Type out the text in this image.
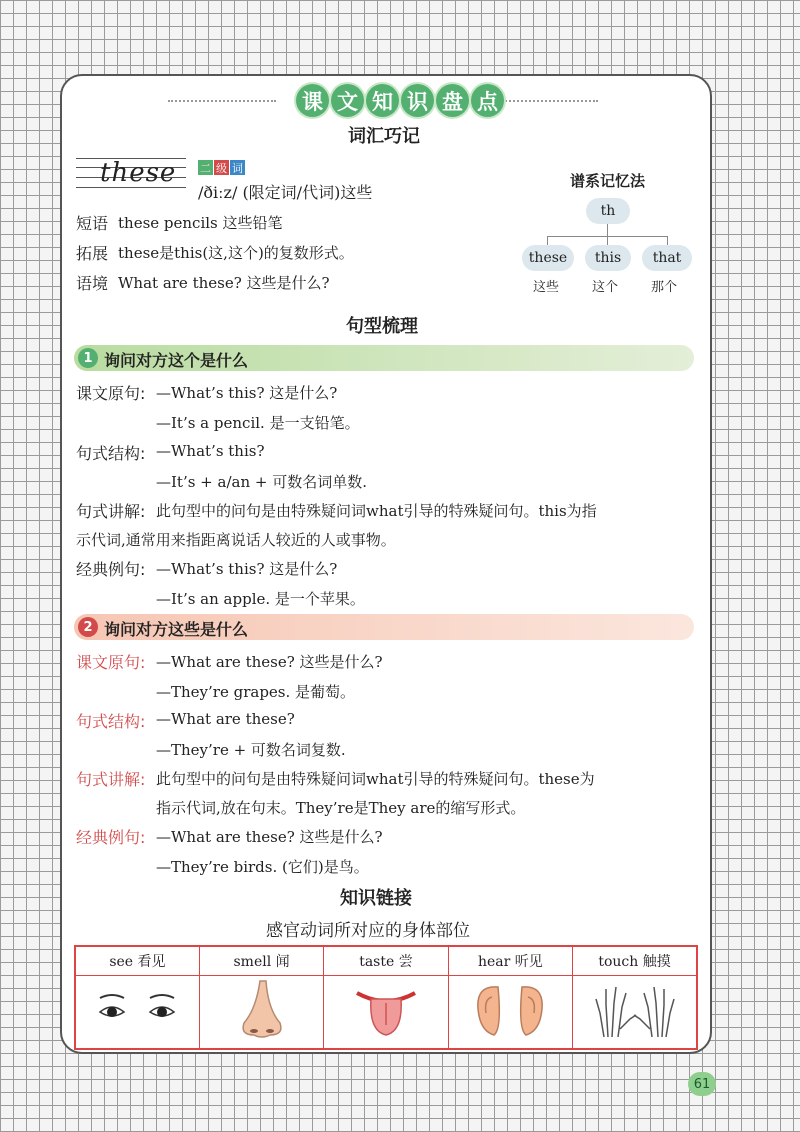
课 文 知 识 盘 点
词汇巧记
these 二 级 词
/ðiːz/ (限定词/代词)这些
短语 these pencils 这些铅笔
拓展 these是this(这,这个)的复数形式。
语境 What are these? 这些是什么?
谱系记忆法
th
these	this	that
这些	这个	那个
句型梳理
1 询问对方这个是什么
课文原句: —What’s this? 这是什么?
—It’s a pencil. 是一支铅笔。
句式结构: —What’s this?
—It’s + a/an + 可数名词单数.
句式讲解: 此句型中的问句是由特殊疑问词what引导的特殊疑问句。this为指
示代词,通常用来指距离说话人较近的人或事物。
经典例句: —What’s this? 这是什么?
—It’s an apple. 是一个苹果。
2 询问对方这些是什么
课文原句: —What are these? 这些是什么?
—They’re grapes. 是葡萄。
句式结构: —What are these?
—They’re + 可数名词复数.
句式讲解: 此句型中的问句是由特殊疑问词what引导的特殊疑问句。these为
指示代词,放在句末。They’re是They are的缩写形式。
经典例句: —What are these? 这些是什么?
—They’re birds. (它们)是鸟。
知识链接
感官动词所对应的身体部位
see 看见	smell 闻	taste 尝	hear 听见	touch 触摸

61
